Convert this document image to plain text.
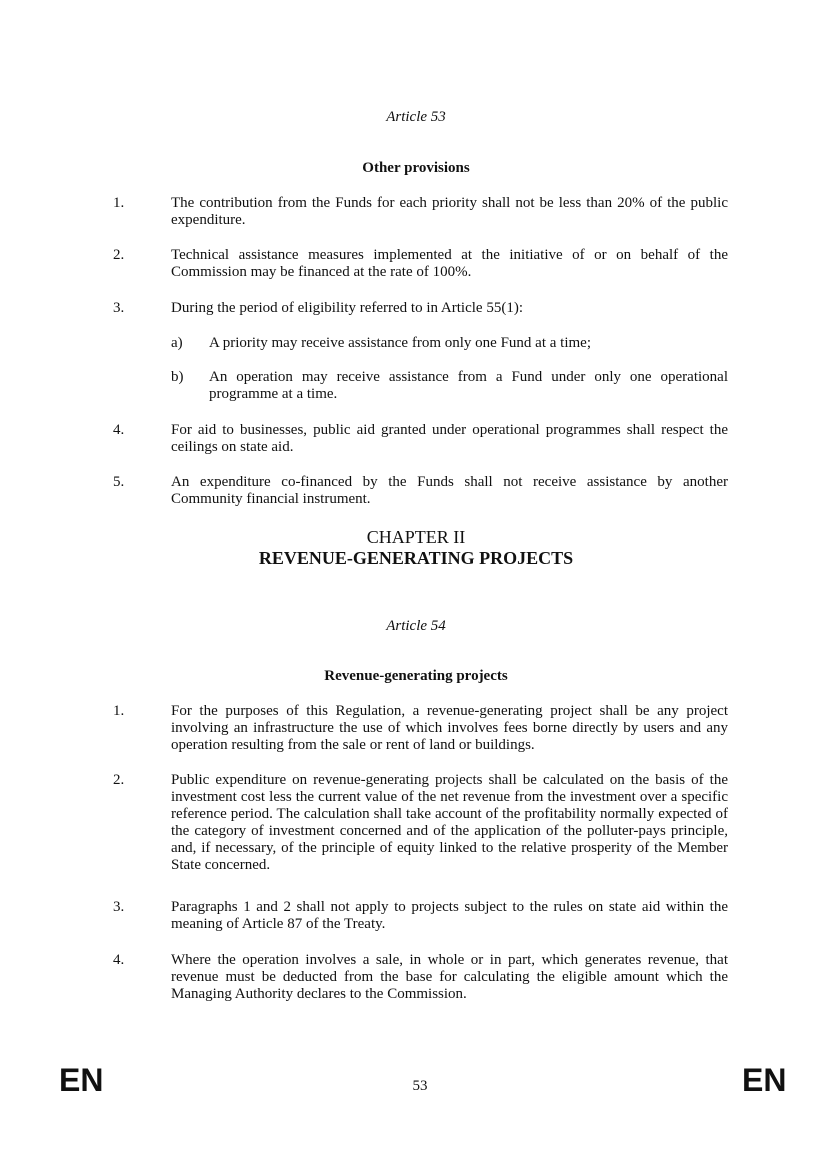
Article 53
Other provisions
1.	The contribution from the Funds for each priority shall not be less than 20% of the public expenditure.
2.	Technical assistance measures implemented at the initiative of or on behalf of the Commission may be financed at the rate of 100%.
3.	During the period of eligibility referred to in Article 55(1):
a) A priority may receive assistance from only one Fund at a time;
b) An operation may receive assistance from a Fund under only one operational programme at a time.
4.	For aid to businesses, public aid granted under operational programmes shall respect the ceilings on state aid.
5.	An expenditure co-financed by the Funds shall not receive assistance by another Community financial instrument.
CHAPTER II
REVENUE-GENERATING PROJECTS
Article 54
Revenue-generating projects
1.	For the purposes of this Regulation, a revenue-generating project shall be any project involving an infrastructure the use of which involves fees borne directly by users and any operation resulting from the sale or rent of land or buildings.
2.	Public expenditure on revenue-generating projects shall be calculated on the basis of the investment cost less the current value of the net revenue from the investment over a specific reference period. The calculation shall take account of the profitability normally expected of the category of investment concerned and of the application of the polluter-pays principle, and, if necessary, of the principle of equity linked to the relative prosperity of the Member State concerned.
3.	Paragraphs 1 and 2 shall not apply to projects subject to the rules on state aid within the meaning of Article 87 of the Treaty.
4.	Where the operation involves a sale, in whole or in part, which generates revenue, that revenue must be deducted from the base for calculating the eligible amount which the Managing Authority declares to the Commission.
EN	53	EN
